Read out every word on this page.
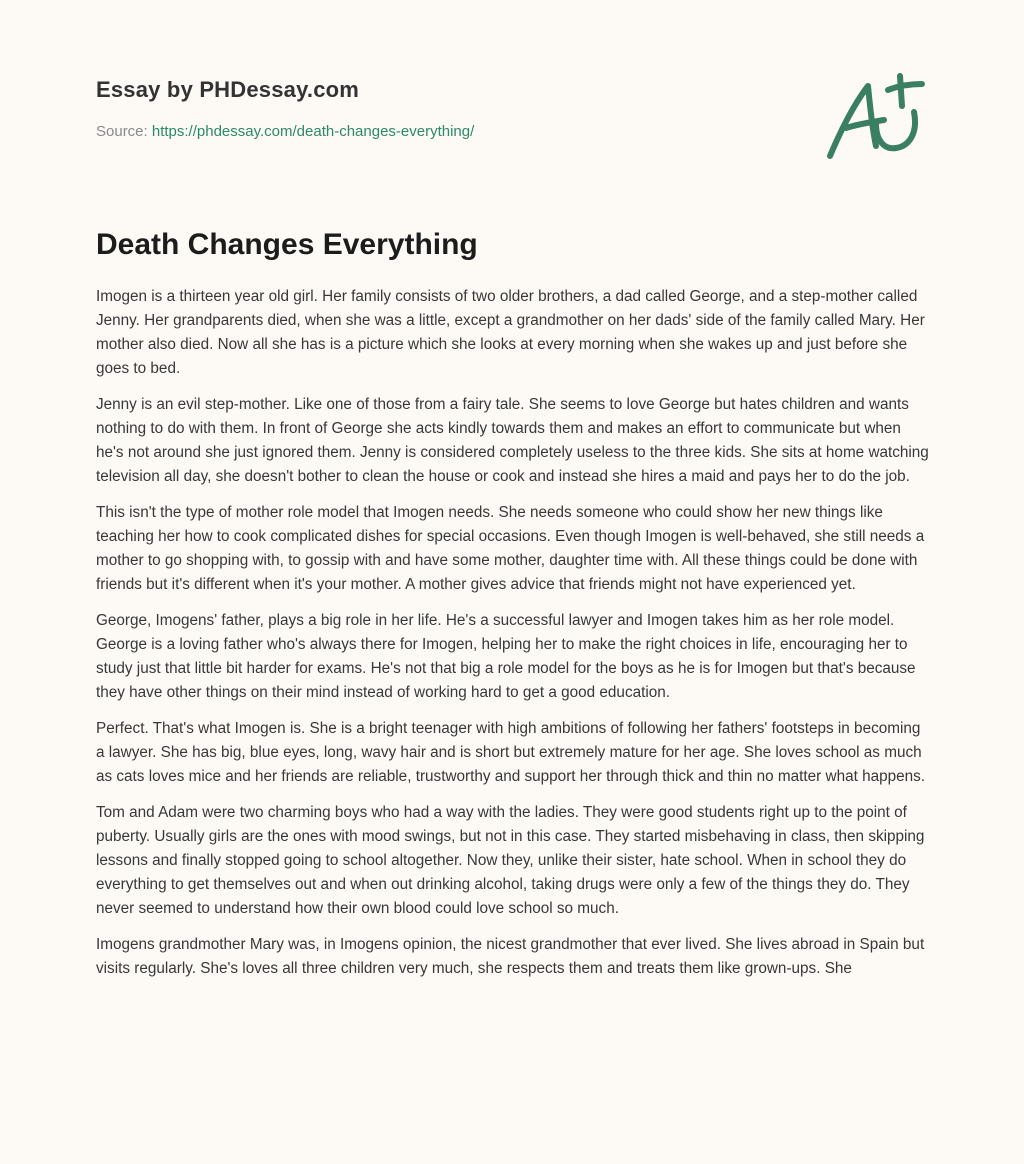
Essay by PHDessay.com
Source: https://phdessay.com/death-changes-everything/
Death Changes Everything

Imogen is a thirteen year old girl. Her family consists of two older brothers, a dad called George, and a step-mother called Jenny. Her grandparents died, when she was a little, except a grandmother on her dads' side of the family called Mary. Her mother also died. Now all she has is a picture which she looks at every morning when she wakes up and just before she goes to bed.

Jenny is an evil step-mother. Like one of those from a fairy tale. She seems to love George but hates children and wants nothing to do with them. In front of George she acts kindly towards them and makes an effort to communicate but when he's not around she just ignored them. Jenny is considered completely useless to the three kids. She sits at home watching television all day, she doesn't bother to clean the house or cook and instead she hires a maid and pays her to do the job.

This isn't the type of mother role model that Imogen needs. She needs someone who could show her new things like teaching her how to cook complicated dishes for special occasions. Even though Imogen is well-behaved, she still needs a mother to go shopping with, to gossip with and have some mother, daughter time with. All these things could be done with friends but it's different when it's your mother. A mother gives advice that friends might not have experienced yet.

George, Imogens' father, plays a big role in her life. He's a successful lawyer and Imogen takes him as her role model. George is a loving father who's always there for Imogen, helping her to make the right choices in life, encouraging her to study just that little bit harder for exams. He's not that big a role model for the boys as he is for Imogen but that's because they have other things on their mind instead of working hard to get a good education.

Perfect. That's what Imogen is. She is a bright teenager with high ambitions of following her fathers' footsteps in becoming a lawyer. She has big, blue eyes, long, wavy hair and is short but extremely mature for her age. She loves school as much as cats loves mice and her friends are reliable, trustworthy and support her through thick and thin no matter what happens.

Tom and Adam were two charming boys who had a way with the ladies. They were good students right up to the point of puberty. Usually girls are the ones with mood swings, but not in this case. They started misbehaving in class, then skipping lessons and finally stopped going to school altogether. Now they, unlike their sister, hate school. When in school they do everything to get themselves out and when out drinking alcohol, taking drugs were only a few of the things they do. They never seemed to understand how their own blood could love school so much.

Imogens grandmother Mary was, in Imogens opinion, the nicest grandmother that ever lived. She lives abroad in Spain but visits regularly. She's loves all three children very much, she respects them and treats them like grown-ups. She
